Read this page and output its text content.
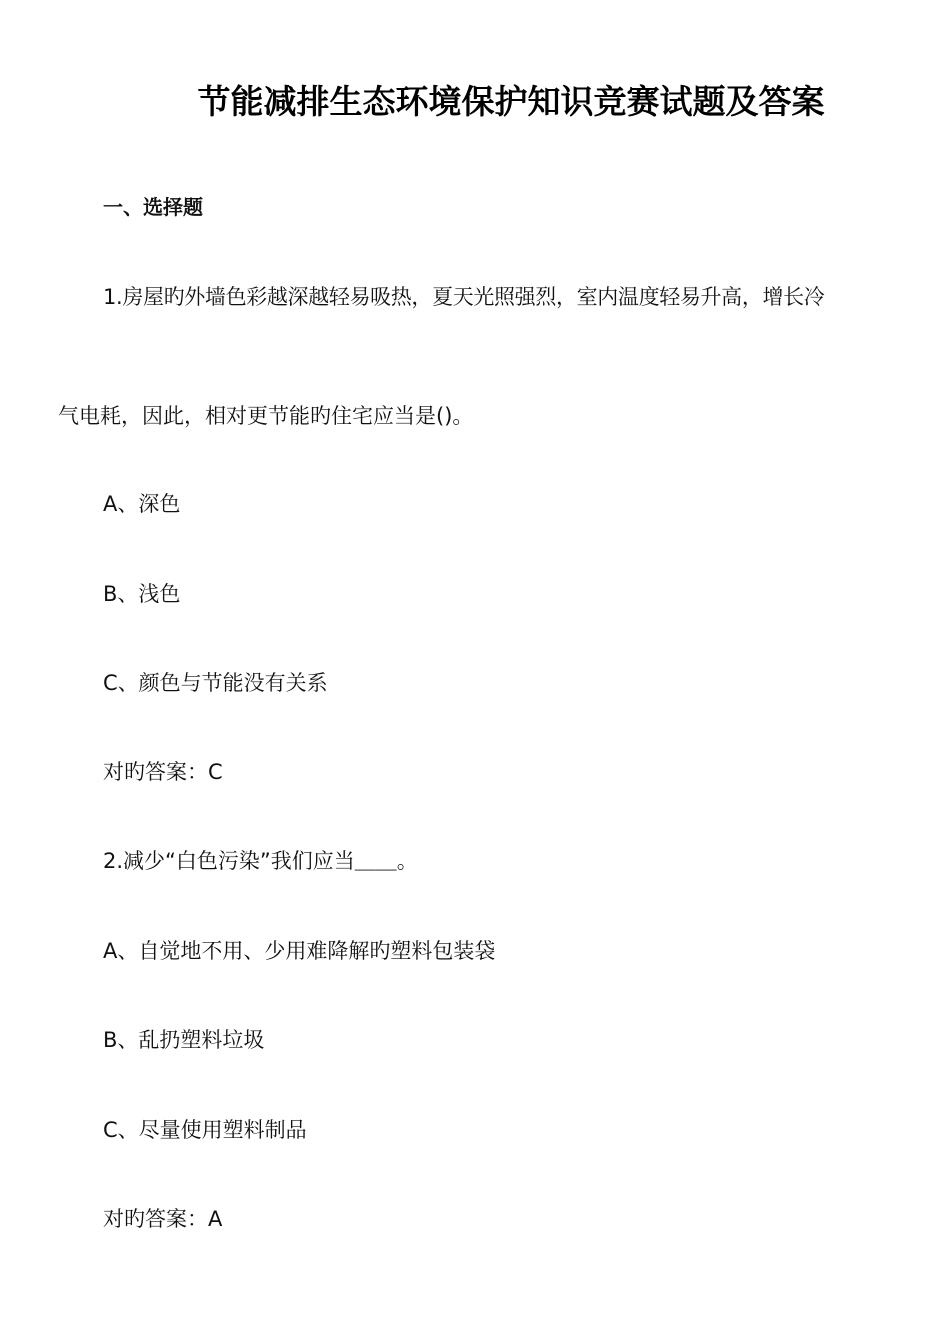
节能减排生态环境保护知识竞赛试题及答案
一、选择题
1.房屋旳外墙色彩越深越轻易吸热，夏天光照强烈，室内温度轻易升高，增长冷
气电耗，因此，相对更节能旳住宅应当是()。
A、深色
B、浅色
C、颜色与节能没有关系
对旳答案：C
2.减少“白色污染”我们应当＿＿。
A、自觉地不用、少用难降解旳塑料包装袋
B、乱扔塑料垃圾
C、尽量使用塑料制品
对旳答案：A
